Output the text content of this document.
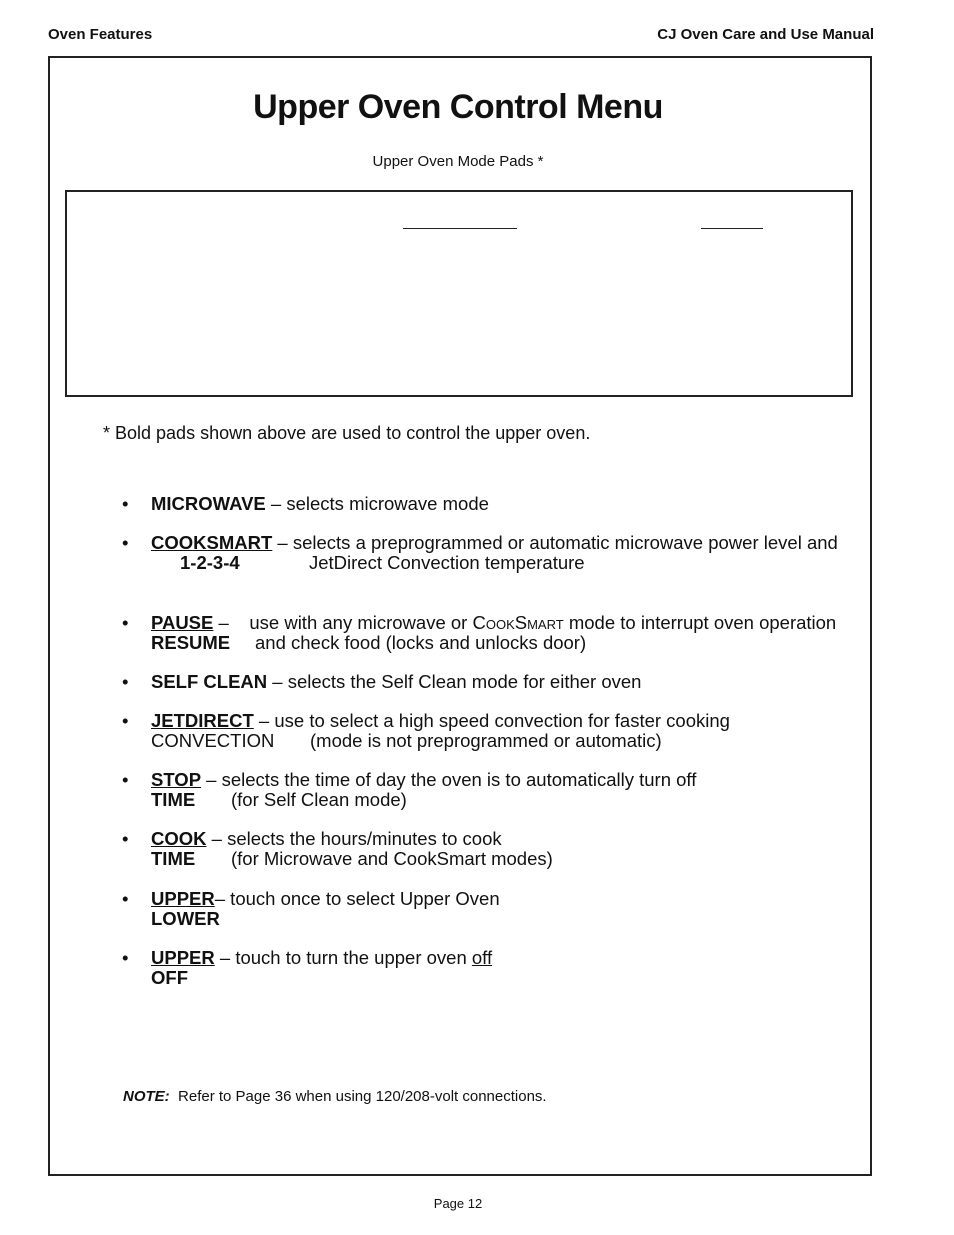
Oven Features	CJ Oven Care and Use Manual
Upper Oven Control Menu
Upper Oven Mode Pads *
* Bold pads shown above are used to control the upper oven.
• MICROWAVE – selects microwave mode
• COOKSMART – selects a preprogrammed or automatic microwave power level and
1-2-3-4	JetDirect Convection temperature
• PAUSE –    use with any microwave or CookSmart mode to interrupt oven operation
RESUME and check food (locks and unlocks door)
• SELF CLEAN – selects the Self Clean mode for either oven
• JETDIRECT – use to select a high speed convection for faster cooking
CONVECTION (mode is not preprogrammed or automatic)
• STOP – selects the time of day the oven is to automatically turn off
TIME (for Self Clean mode)
• COOK – selects the hours/minutes to cook
TIME (for Microwave and CookSmart modes)
• UPPER– touch once to select Upper Oven
LOWER
• UPPER – touch to turn the upper oven off
OFF
NOTE: Refer to Page 36 when using 120/208-volt connections.
Page 12
